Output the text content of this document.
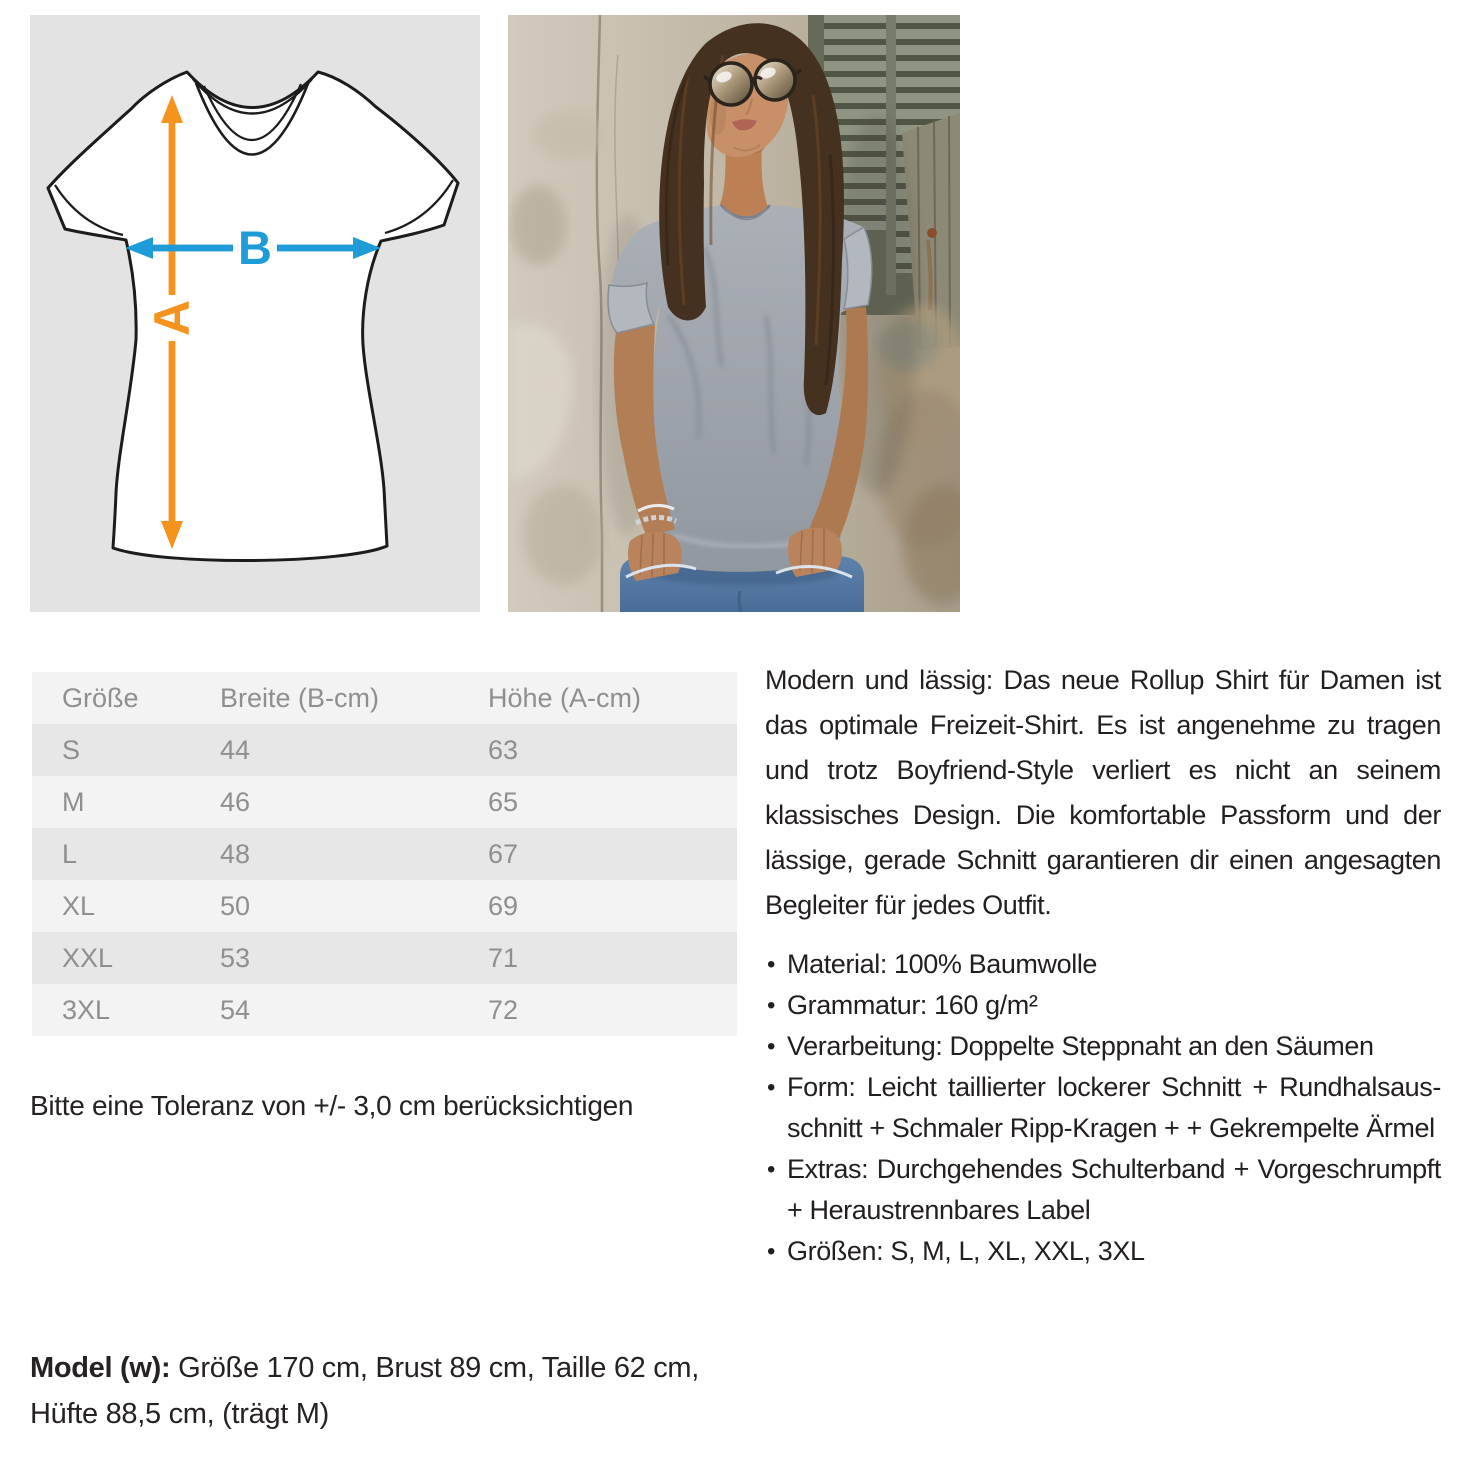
A
B
Größe	Breite (B-cm)	Höhe (A-cm)
S	44	63
M	46	65
L	48	67
XL	50	69
XXL	53	71
3XL	54	72
Bitte eine Toleranz von +/- 3,0 cm berücksichtigen

Modern und lässig: Das neue Rollup Shirt für Damen ist das optimale Freizeit-Shirt. Es ist angenehme zu tragen und trotz Boyfriend-Style verliert es nicht an seinem klassisches Design. Die komfortable Passform und der lässige, gerade Schnitt garantieren dir einen angesagten Begleiter für jedes Outfit.

• Material: 100% Baumwolle
• Grammatur: 160 g/m²
• Verarbeitung: Doppelte Steppnaht an den Säumen
• Form: Leicht taillierter lockerer Schnitt + Rundhalsaus-schnitt + Schmaler Ripp-Kragen + + Gekrempelte Ärmel
• Extras: Durchgehendes Schulterband + Vorgeschrumpft + Heraustrennbares Label
• Größen: S, M, L, XL, XXL, 3XL
Model (w): Größe 170 cm, Brust 89 cm, Taille 62 cm, Hüfte 88,5 cm, (trägt M)
